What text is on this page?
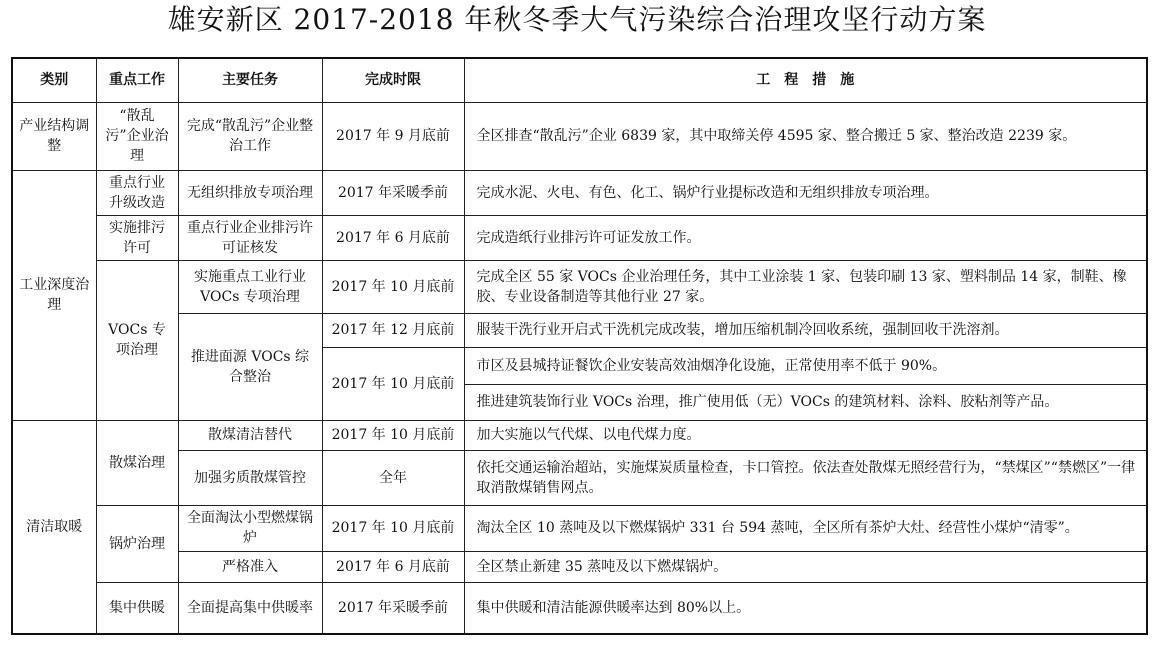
雄安新区 2017-2018 年秋冬季大气污染综合治理攻坚行动方案
类别	重点工作	主要任务	完成时限	工　程　措　施
产业结构调整	“散乱污”企业治理	完成“散乱污”企业整治工作	2017 年 9 月底前	全区排查“散乱污”企业 6839 家，其中取缔关停 4595 家、整合搬迁 5 家、整治改造 2239 家。
工业深度治理	重点行业升级改造	无组织排放专项治理	2017 年采暖季前	完成水泥、火电、有色、化工、锅炉行业提标改造和无组织排放专项治理。
	实施排污许可	重点行业企业排污许可证核发	2017 年 6 月底前	完成造纸行业排污许可证发放工作。
	VOCs 专项治理	实施重点工业行业 VOCs 专项治理	2017 年 10 月底前	完成全区 55 家 VOCs 企业治理任务，其中工业涂装 1 家、包装印刷 13 家、塑料制品 14 家，制鞋、橡胶、专业设备制造等其他行业 27 家。
		推进面源 VOCs 综合整治	2017 年 12 月底前	服装干洗行业开启式干洗机完成改装，增加压缩机制冷回收系统，强制回收干洗溶剂。
			2017 年 10 月底前	市区及县城持证餐饮企业安装高效油烟净化设施，正常使用率不低于 90%。
				推进建筑装饰行业 VOCs 治理，推广使用低（无）VOCs 的建筑材料、涂料、胶粘剂等产品。
清洁取暖	散煤治理	散煤清洁替代	2017 年 10 月底前	加大实施以气代煤、以电代煤力度。
		加强劣质散煤管控	全年	依托交通运输治超站，实施煤炭质量检查，卡口管控。依法查处散煤无照经营行为，“禁煤区”“禁燃区”一律取消散煤销售网点。
	锅炉治理	全面淘汰小型燃煤锅炉	2017 年 10 月底前	淘汰全区 10 蒸吨及以下燃煤锅炉 331 台 594 蒸吨，全区所有茶炉大灶、经营性小煤炉“清零”。
		严格准入	2017 年 6 月底前	全区禁止新建 35 蒸吨及以下燃煤锅炉。
	集中供暖	全面提高集中供暖率	2017 年采暖季前	集中供暖和清洁能源供暖率达到 80%以上。
